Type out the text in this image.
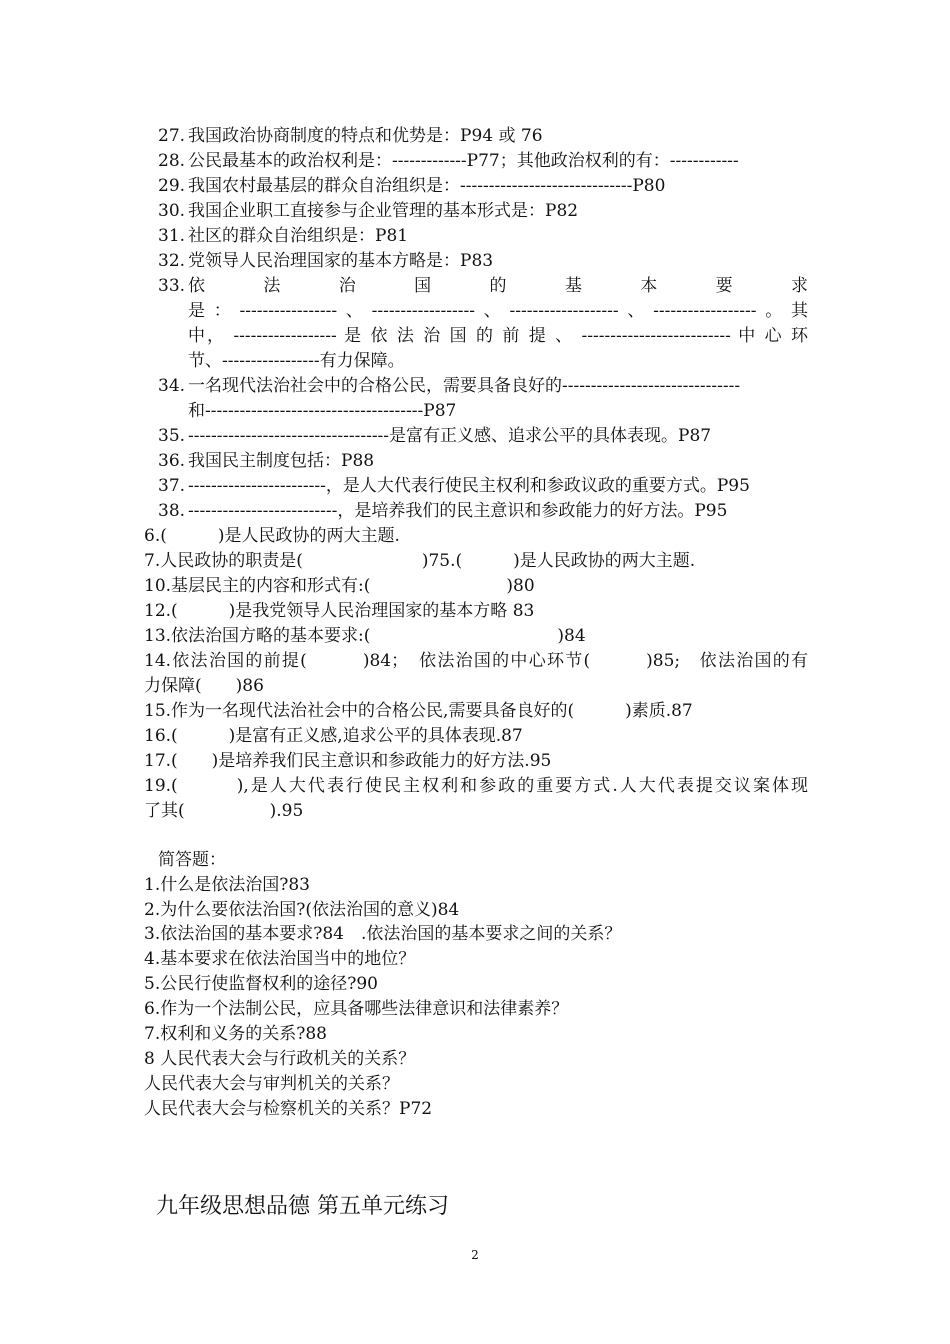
27. 我国政治协商制度的特点和优势是：P94 或 76
28. 公民最基本的政治权利是：-------------P77；其他政治权利的有：------------
29. 我国农村最基层的群众自治组织是：------------------------------P80
30. 我国企业职工直接参与企业管理的基本形式是：P82
31. 社区的群众自治组织是：P81
32. 党领导人民治理国家的基本方略是：P83
33. 依 法 治 国 的 基 本 要 求
是：-----------------、------------------、-------------------、------------------。其
中， ------------------ 是 依 法 治 国 的 前 提 、 -------------------------- 中 心 环
节、-----------------有力保障。
34. 一名现代法治社会中的合格公民，需要具备良好的-------------------------------
和--------------------------------------P87
35. -----------------------------------是富有正义感、追求公平的具体表现。P87
36. 我国民主制度包括：P88
37. ------------------------，是人大代表行使民主权利和参政议政的重要方式。P95
38. --------------------------，是培养我们的民主意识和参政能力的好方法。P95
6.(　　　)是人民政协的两大主题.
7.人民政协的职责是(　　　　　　　)75.(　　　)是人民政协的两大主题.
10.基层民主的内容和形式有:(　　　　　　　　)80
12.(　　　)是我党领导人民治理国家的基本方略 83
13.依法治国方略的基本要求:(　　　　　　　　　　　)84
14.依法治国的前提(　　　)84；　依法治国的中心环节(　　　)85;　依法治国的有
力保障(　　)86
15.作为一名现代法治社会中的合格公民,需要具备良好的(　　　)素质.87
16.(　　　)是富有正义感,追求公平的具体表现.87
17.(　　)是培养我们民主意识和参政能力的好方法.95
19.(　　　),是人大代表行使民主权利和参政的重要方式.人大代表提交议案体现
了其(　　　　　).95
简答题：
1.什么是依法治国?83
2.为什么要依法治国?(依法治国的意义)84
3.依法治国的基本要求?84　.依法治国的基本要求之间的关系？
4.基本要求在依法治国当中的地位？
5.公民行使监督权利的途径?90
6.作为一个法制公民，应具备哪些法律意识和法律素养？
7.权利和义务的关系?88
8 人民代表大会与行政机关的关系？
人民代表大会与审判机关的关系？
人民代表大会与检察机关的关系？P72
九年级思想品德 第五单元练习
2
